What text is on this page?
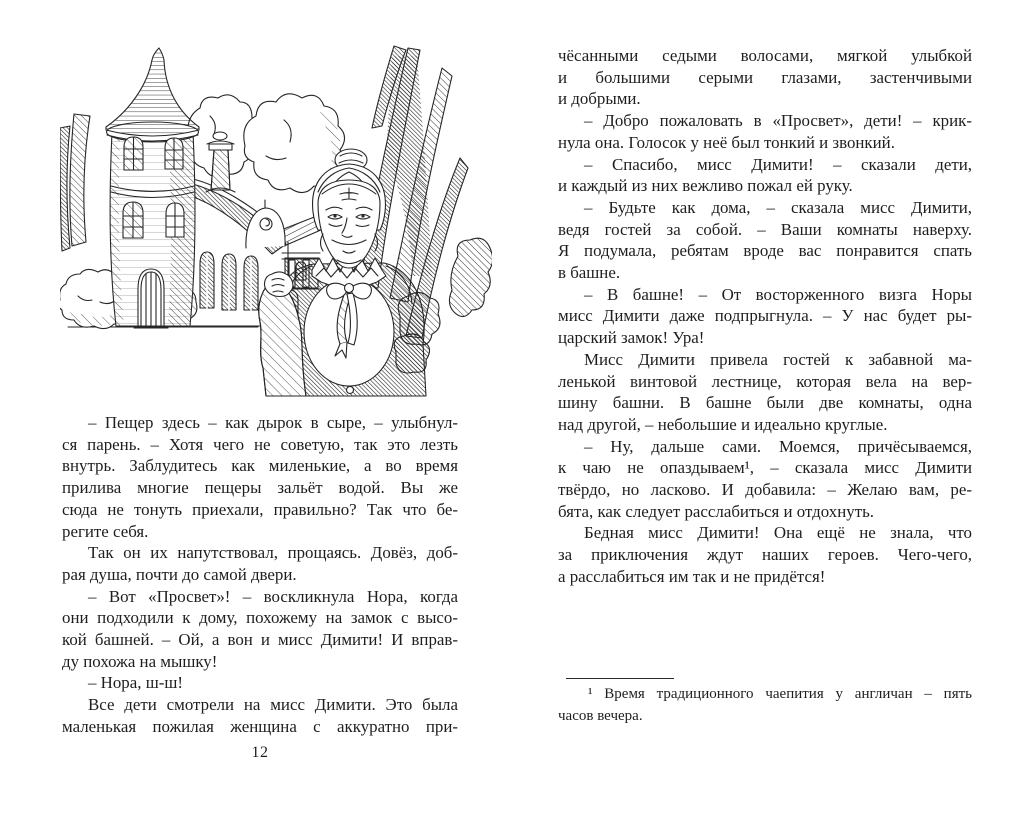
– Пещер здесь – как дырок в сыре, – улыбнул-
ся парень. – Хотя чего не советую, так это лезть
внутрь. Заблудитесь как миленькие, а во время
прилива многие пещеры зальёт водой. Вы же
сюда не тонуть приехали, правильно? Так что бе-
регите себя.

Так он их напутствовал, прощаясь. Довёз, доб-
рая душа, почти до самой двери.

– Вот «Просвет»! – воскликнула Нора, когда
они подходили к дому, похожему на замок с высо-
кой башней. – Ой, а вон и мисс Димити! И вправ-
ду похожа на мышку!

– Нора, ш-ш!

Все дети смотрели на мисс Димити. Это была
маленькая пожилая женщина с аккуратно при-

12

чёсанными седыми волосами, мягкой улыбкой
и большими серыми глазами, застенчивыми
и добрыми.

– Добро пожаловать в «Просвет», дети! – крик-
нула она. Голосок у неё был тонкий и звонкий.

– Спасибо, мисс Димити! – сказали дети,
и каждый из них вежливо пожал ей руку.

– Будьте как дома, – сказала мисс Димити,
ведя гостей за собой. – Ваши комнаты наверху.
Я подумала, ребятам вроде вас понравится спать
в башне.

– В башне! – От восторженного визга Норы
мисс Димити даже подпрыгнула. – У нас будет ры-
царский замок! Ура!

Мисс Димити привела гостей к забавной ма-
ленькой винтовой лестнице, которая вела на вер-
шину башни. В башне были две комнаты, одна
над другой, – небольшие и идеально круглые.

– Ну, дальше сами. Моемся, причёсываемся,
к чаю не опаздываем¹, – сказала мисс Димити
твёрдо, но ласково. И добавила: – Желаю вам, ре-
бята, как следует расслабиться и отдохнуть.

Бедная мисс Димити! Она ещё не знала, что
за приключения ждут наших героев. Чего-чего,
а расслабиться им так и не придётся!

¹ Время традиционного чаепития у англичан – пять
часов вечера.
